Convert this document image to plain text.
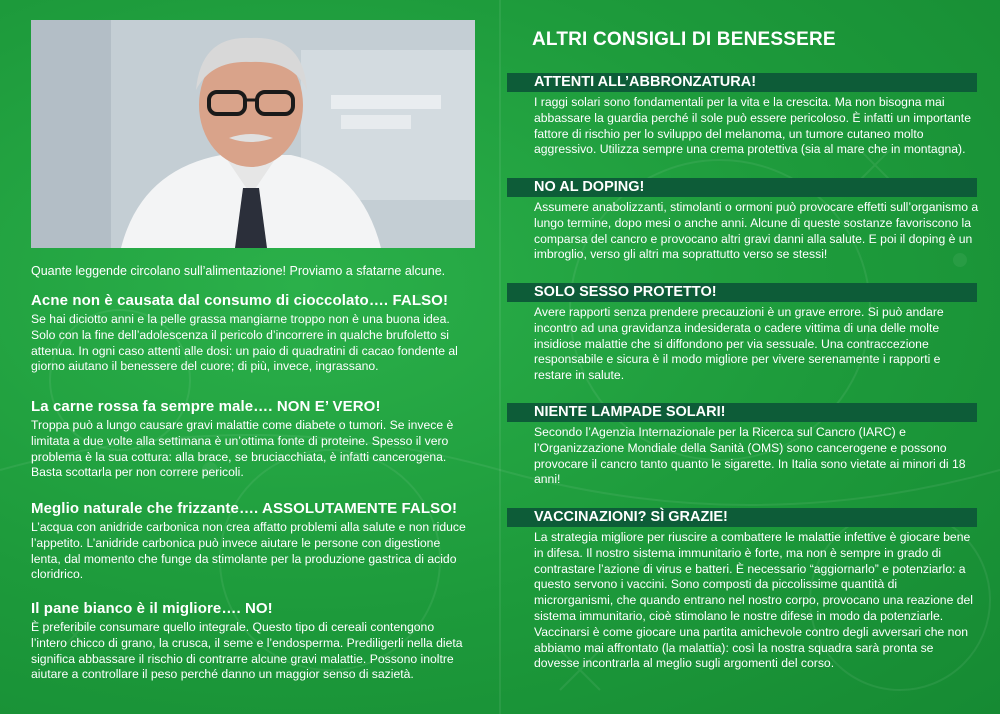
Quante leggende circolano sull’alimentazione! Proviamo a sfatarne alcune.
Acne non è causata dal consumo di cioccolato…. FALSO!

Se hai diciotto anni e la pelle grassa mangiarne troppo non è una buona idea. Solo con la fine dell’adolescenza il pericolo d’incorrere in qualche brufoletto si attenua. In ogni caso attenti alle dosi: un paio di quadratini di cacao fondente al giorno aiutano il benessere del cuore; di più, invece, ingrassano.

La carne rossa fa sempre male…. NON E’ VERO!

Troppa può a lungo causare gravi malattie come diabete o tumori. Se invece è limitata a due volte alla settimana è un’ottima fonte di proteine. Spesso il vero problema è la sua cottura: alla brace, se bruciacchiata, è infatti cancerogena. Basta scottarla per non correre pericoli.

Meglio naturale che frizzante…. ASSOLUTAMENTE FALSO!

L’acqua con anidride carbonica non crea affatto problemi alla salute e non riduce l’appetito. L’anidride carbonica può invece aiutare le persone con digestione lenta, dal momento che funge da stimolante per la produzione gastrica di acido cloridrico.

Il pane bianco è il migliore…. NO!

È preferibile consumare quello integrale. Questo tipo di cereali contengono l’intero chicco di grano, la crusca, il seme e l’endosperma. Prediligerli nella dieta significa abbassare il rischio di contrarre alcune gravi malattie. Possono inoltre aiutare a controllare il peso perché danno un maggior senso di sazietà.

ALTRI CONSIGLI DI BENESSERE
ATTENTI ALL’ABBRONZATURA!

I raggi solari sono fondamentali per la vita e la crescita. Ma non bisogna mai abbassare la guardia perché il sole può essere pericoloso. È infatti un importante fattore di rischio per lo sviluppo del melanoma, un tumore cutaneo molto aggressivo. Utilizza sempre una crema protettiva (sia al mare che in montagna).

NO AL DOPING!

Assumere anabolizzanti, stimolanti o ormoni può provocare effetti sull’organismo a lungo termine, dopo mesi o anche anni. Alcune di queste sostanze favoriscono la comparsa del cancro e provocano altri gravi danni alla salute. E poi il doping è un imbroglio, verso gli altri ma soprattutto verso se stessi!

SOLO SESSO PROTETTO!

Avere rapporti senza prendere precauzioni è un grave errore. Si può andare incontro ad una gravidanza indesiderata o cadere vittima di una delle molte insidiose malattie che si diffondono per via sessuale. Una contraccezione responsabile e sicura è il modo migliore per vivere serenamente i rapporti e restare in salute.

NIENTE LAMPADE SOLARI!

Secondo l’Agenzia Internazionale per la Ricerca sul Cancro (IARC) e l’Organizzazione Mondiale della Sanità (OMS) sono cancerogene e possono provocare il cancro tanto quanto le sigarette. In Italia sono vietate ai minori di 18 anni!

VACCINAZIONI? SÌ GRAZIE!

La strategia migliore per riuscire a combattere le malattie infettive è giocare bene in difesa. Il nostro sistema immunitario è forte, ma non è sempre in grado di contrastare l’azione di virus e batteri. È necessario “aggiornarlo” e potenziarlo: a questo servono i vaccini. Sono composti da piccolissime quantità di microrganismi, che quando entrano nel nostro corpo, provocano una reazione del sistema immunitario, cioè stimolano le nostre difese in modo da potenziarle. Vaccinarsi è come giocare una partita amichevole contro degli avversari che non abbiamo mai affrontato (la malattia): così la nostra squadra sarà pronta se dovesse incontrarla al meglio sugli argomenti del corso.
